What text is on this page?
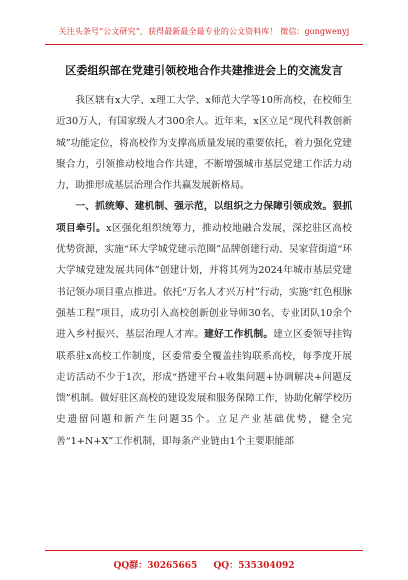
关注头条号“公文研究”，获得最新最全最专业的公文资料库！ 微信：gongwenyj
区委组织部在党建引领校地合作共建推进会上的交流发言

我区辖有x大学、x理工大学、x师范大学等10所高校，在校师生近30万人，有国家级人才300余人。近年来，x区立足“现代科教创新城”功能定位，将高校作为支撑高质量发展的重要依托，着力强化党建聚合力，引领推动校地合作共建，不断增强城市基层党建工作活力动力，助推形成基层治理合作共赢发展新格局。

一、抓统筹、建机制、强示范，以组织之力保障引领成效。狠抓项目牵引。x区强化组织统筹力，推动校地融合发展，深挖驻区高校优势资源，实施“环大学城党建示范圈”品牌创建行动、吴家营街道“环大学城党建发展共同体”创建计划，并将其列为2024年城市基层党建书记领办项目重点推进。依托“万名人才兴万村”行动，实施“红色根脉强基工程”项目，成功引入高校创新创业导师30名、专业团队10余个进入乡村振兴、基层治理人才库。建好工作机制。建立区委领导挂钩联系驻x高校工作制度，区委常委全覆盖挂钩联系高校，每季度开展走访活动不少于1次，形成“搭建平台+收集问题+协调解决+问题反馈”机制。做好驻区高校的建设发展和服务保障工作，协助化解学校历史遗留问题和新产生问题35个。立足产业基础优势，健全完善“1+N+X”工作机制，即每条产业链由1个主要职能部

QQ群：30265665 QQ：535304092
